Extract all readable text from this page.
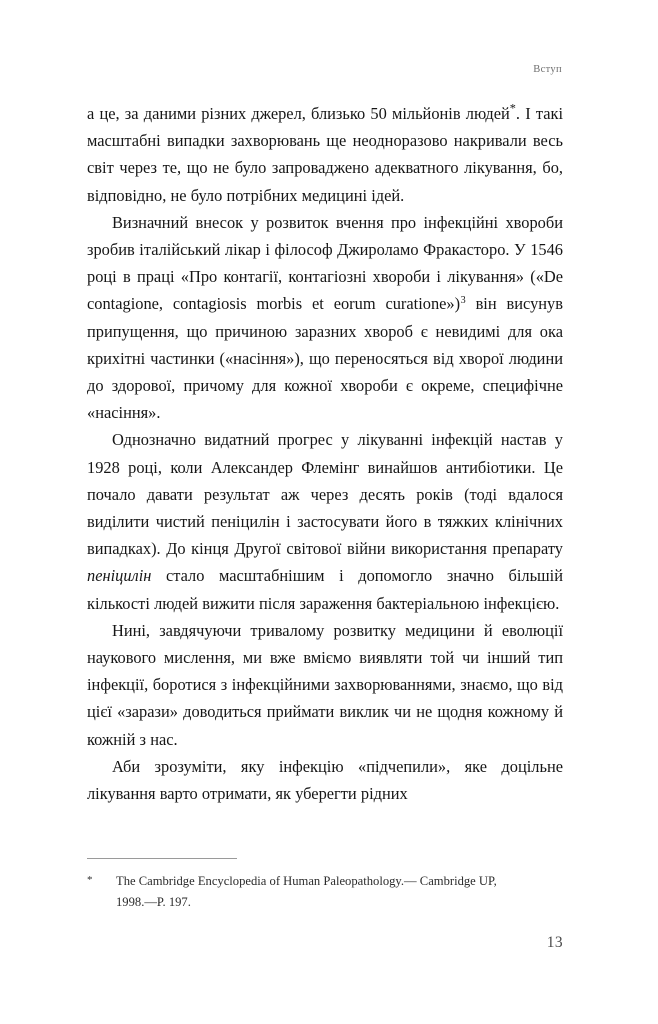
Вступ

а це, за даними різних джерел, близько 50 мільйонів людей*. І такі масштабні випадки захворювань ще неодноразово накривали весь світ через те, що не було запроваджено адекватного лікування, бо, відповідно, не було потрібних медицині ідей.

Визначний внесок у розвиток вчення про інфекційні хвороби зробив італійський лікар і філософ Джироламо Фракасторо. У 1546 році в праці «Про контагії, контагіозні хвороби і лікування» («De contagione, contagiosis morbis et eorum curatione»)$^3$ він висунув припущення, що причиною заразних хвороб є невидимі для ока крихітні частинки («насіння»), що переносяться від хворої людини до здорової, причому для кожної хвороби є окреме, специфічне «насіння».

Однозначно видатний прогрес у лікуванні інфекцій настав у 1928 році, коли Александер Флемінг винайшов антибіотики. Це почало давати результат аж через десять років (тоді вдалося виділити чистий пеніцилін і застосувати його в тяжких клінічних випадках). До кінця Другої світової війни використання препарату пеніцилін стало масштабнішим і допомогло значно більшій кількості людей вижити після зараження бактеріальною інфекцією.

Нині, завдячуючи тривалому розвитку медицини й еволюції наукового мислення, ми вже вміємо виявляти той чи інший тип інфекції, боротися з інфекційними захворюваннями, знаємо, що від цієї «зарази» доводиться приймати виклик чи не щодня кожному й кожній з нас.

Аби зрозуміти, яку інфекцію «підчепили», яке доцільне лікування варто отримати, як уберегти рідних

*	The Cambridge Encyclopedia of Human Paleopathology.— Cambridge UP, 1998.—P. 197.
13
